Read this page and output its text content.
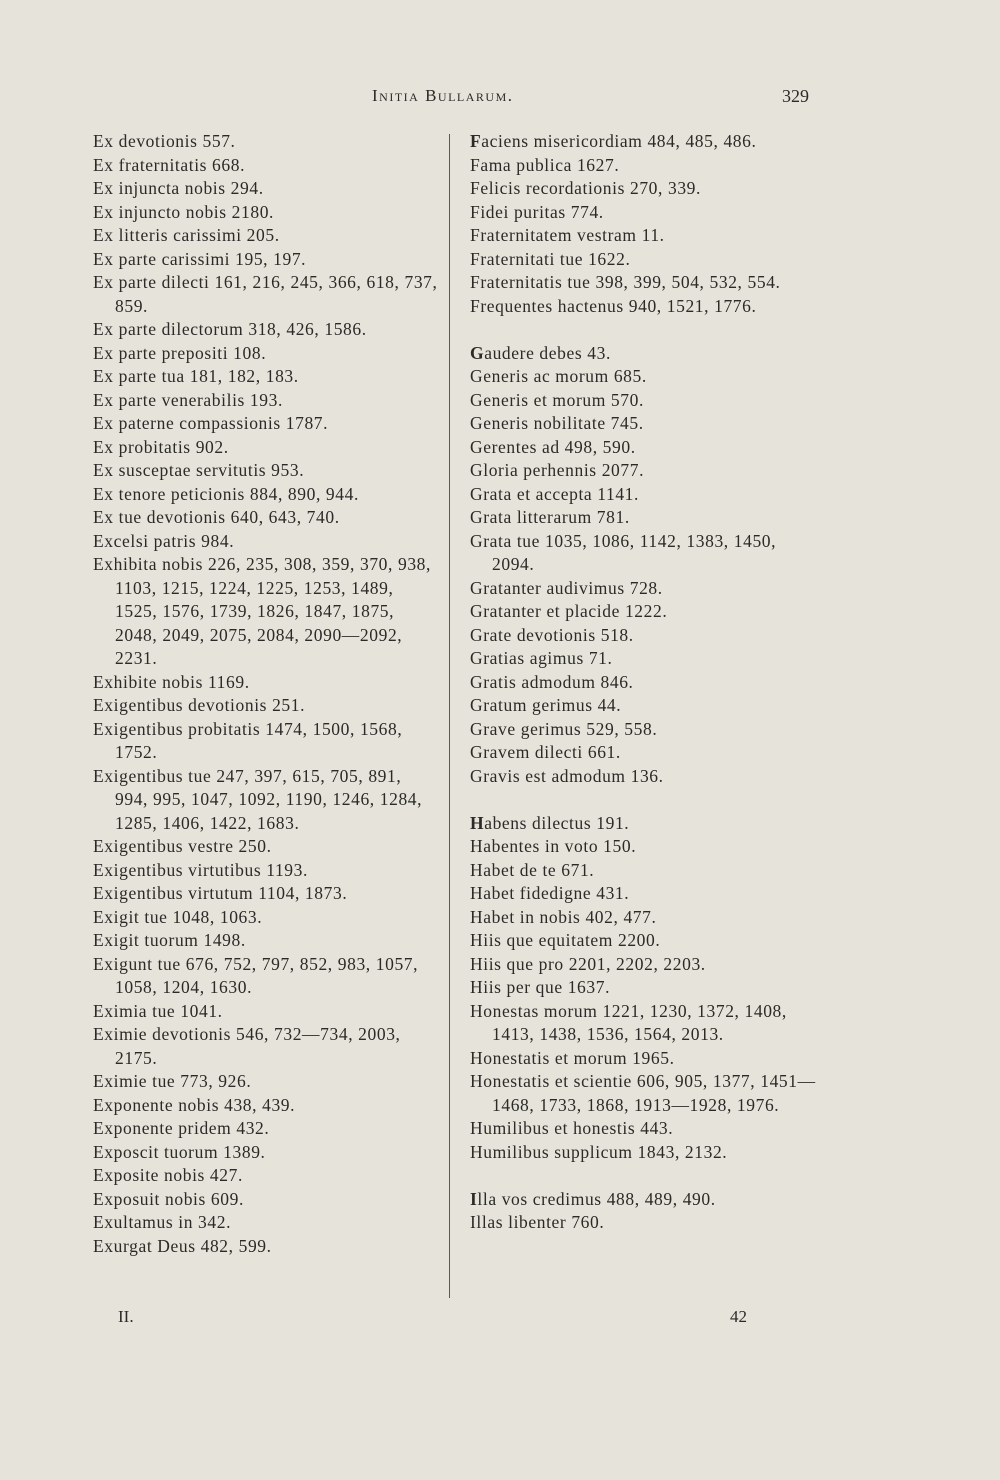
Initia Bullarum.	329

Ex devotionis 557.

Ex fraternitatis 668.

Ex injuncta nobis 294.

Ex injuncto nobis 2180.

Ex litteris carissimi 205.

Ex parte carissimi 195, 197.

Ex parte dilecti 161, 216, 245, 366, 618, 737, 859.

Ex parte dilectorum 318, 426, 1586.

Ex parte prepositi 108.

Ex parte tua 181, 182, 183.

Ex parte venerabilis 193.

Ex paterne compassionis 1787.

Ex probitatis 902.

Ex susceptae servitutis 953.

Ex tenore peticionis 884, 890, 944.

Ex tue devotionis 640, 643, 740.

Excelsi patris 984.

Exhibita nobis 226, 235, 308, 359, 370, 938, 1103, 1215, 1224, 1225, 1253, 1489, 1525, 1576, 1739, 1826, 1847, 1875, 2048, 2049, 2075, 2084, 2090—2092, 2231.

Exhibite nobis 1169.

Exigentibus devotionis 251.

Exigentibus probitatis 1474, 1500, 1568, 1752.

Exigentibus tue 247, 397, 615, 705, 891, 994, 995, 1047, 1092, 1190, 1246, 1284, 1285, 1406, 1422, 1683.

Exigentibus vestre 250.

Exigentibus virtutibus 1193.

Exigentibus virtutum 1104, 1873.

Exigit tue 1048, 1063.

Exigit tuorum 1498.

Exigunt tue 676, 752, 797, 852, 983, 1057, 1058, 1204, 1630.

Eximia tue 1041.

Eximie devotionis 546, 732—734, 2003, 2175.

Eximie tue 773, 926.

Exponente nobis 438, 439.

Exponente pridem 432.

Exposcit tuorum 1389.

Exposite nobis 427.

Exposuit nobis 609.

Exultamus in 342.

Exurgat Deus 482, 599.

Faciens misericordiam 484, 485, 486.

Fama publica 1627.

Felicis recordationis 270, 339.

Fidei puritas 774.

Fraternitatem vestram 11.

Fraternitati tue 1622.

Fraternitatis tue 398, 399, 504, 532, 554.

Frequentes hactenus 940, 1521, 1776.

Gaudere debes 43.

Generis ac morum 685.

Generis et morum 570.

Generis nobilitate 745.

Gerentes ad 498, 590.

Gloria perhennis 2077.

Grata et accepta 1141.

Grata litterarum 781.

Grata tue 1035, 1086, 1142, 1383, 1450, 2094.

Gratanter audivimus 728.

Gratanter et placide 1222.

Grate devotionis 518.

Gratias agimus 71.

Gratis admodum 846.

Gratum gerimus 44.

Grave gerimus 529, 558.

Gravem dilecti 661.

Gravis est admodum 136.

Habens dilectus 191.

Habentes in voto 150.

Habet de te 671.

Habet fidedigne 431.

Habet in nobis 402, 477.

Hiis que equitatem 2200.

Hiis que pro 2201, 2202, 2203.

Hiis per que 1637.

Honestas morum 1221, 1230, 1372, 1408, 1413, 1438, 1536, 1564, 2013.

Honestatis et morum 1965.

Honestatis et scientie 606, 905, 1377, 1451—1468, 1733, 1868, 1913—1928, 1976.

Humilibus et honestis 443.

Humilibus supplicum 1843, 2132.

Illa vos credimus 488, 489, 490.

Illas libenter 760.

II.	42
